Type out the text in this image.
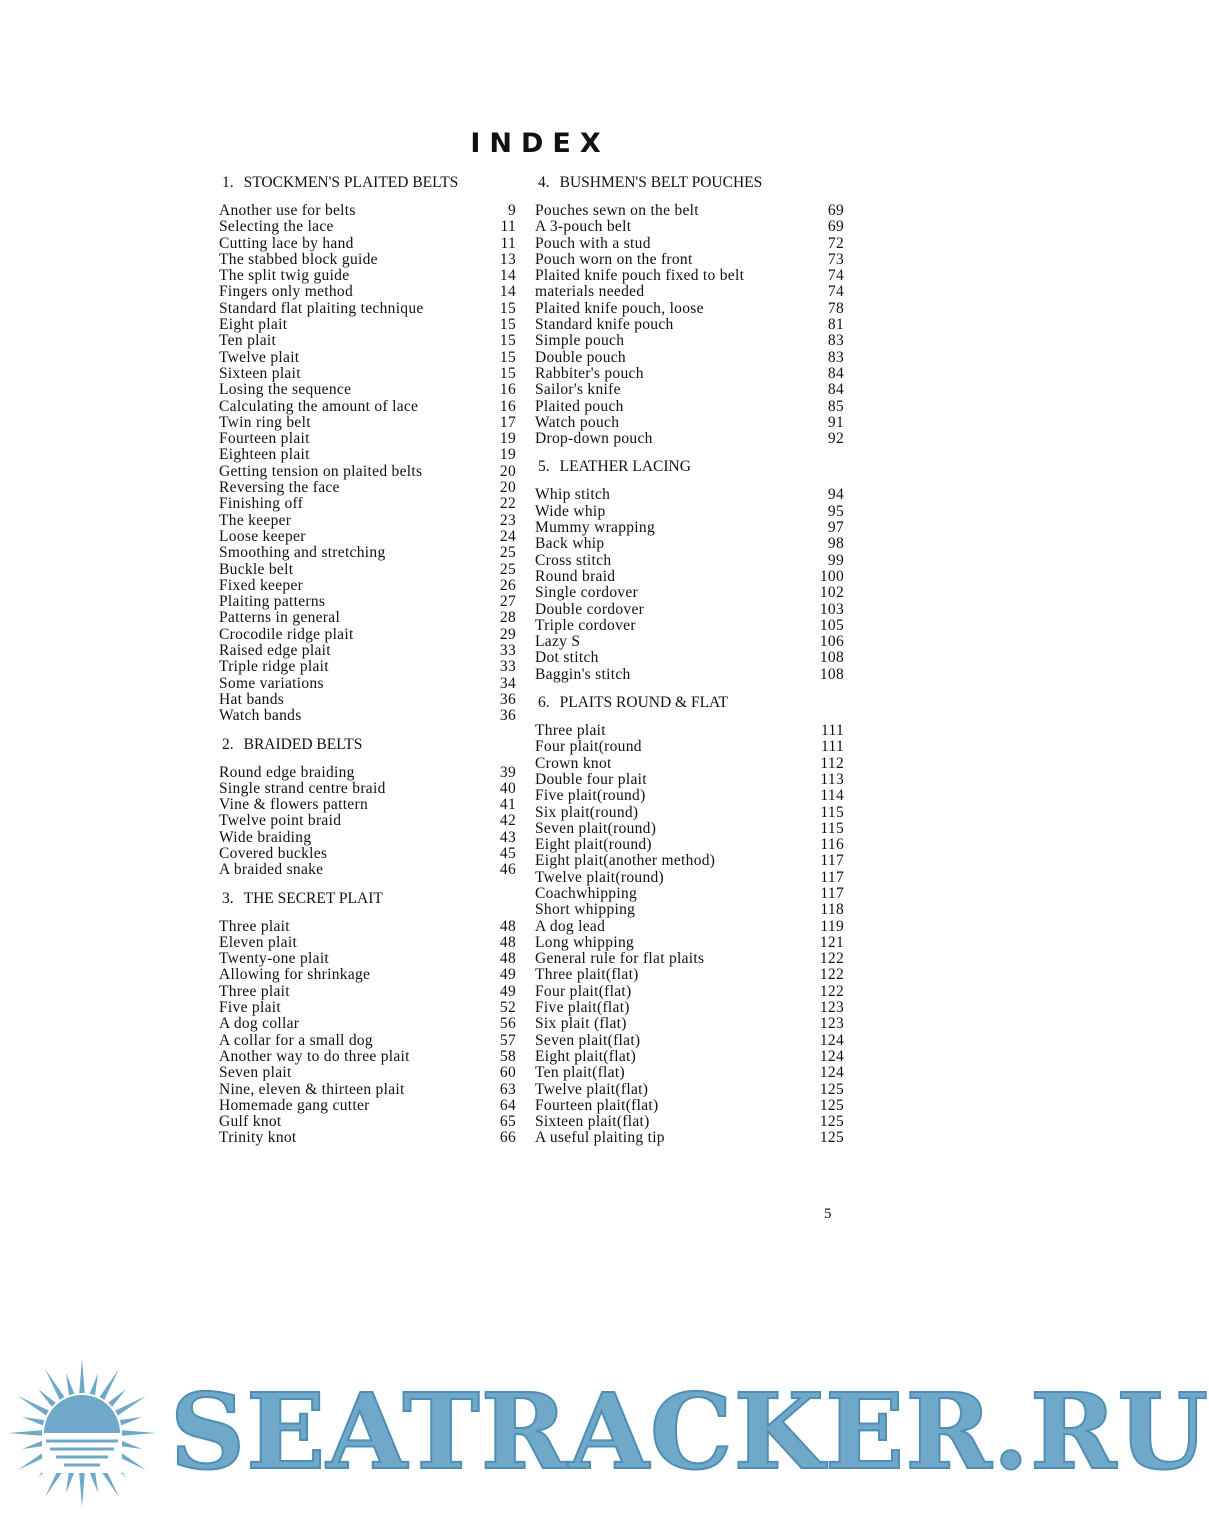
INDEX
1. STOCKMEN'S PLAITED BELTS
Another use for belts	9
Selecting the lace	11
Cutting lace by hand	11
The stabbed block guide	13
The split twig guide	14
Fingers only method	14
Standard flat plaiting technique	15
Eight plait	15
Ten plait	15
Twelve plait	15
Sixteen plait	15
Losing the sequence	16
Calculating the amount of lace	16
Twin ring belt	17
Fourteen plait	19
Eighteen plait	19
Getting tension on plaited belts	20
Reversing the face	20
Finishing off	22
The keeper	23
Loose keeper	24
Smoothing and stretching	25
Buckle belt	25
Fixed keeper	26
Plaiting patterns	27
Patterns in general	28
Crocodile ridge plait	29
Raised edge plait	33
Triple ridge plait	33
Some variations	34
Hat bands	36
Watch bands	36
2. BRAIDED BELTS
Round edge braiding	39
Single strand centre braid	40
Vine & flowers pattern	41
Twelve point braid	42
Wide braiding	43
Covered buckles	45
A braided snake	46
3. THE SECRET PLAIT
Three plait	48
Eleven plait	48
Twenty-one plait	48
Allowing for shrinkage	49
Three plait	49
Five plait	52
A dog collar	56
A collar for a small dog	57
Another way to do three plait	58
Seven plait	60
Nine, eleven & thirteen plait	63
Homemade gang cutter	64
Gulf knot	65
Trinity knot	66
4. BUSHMEN'S BELT POUCHES
Pouches sewn on the belt	69
A 3-pouch belt	69
Pouch with a stud	72
Pouch worn on the front	73
Plaited knife pouch fixed to belt	74
materials needed	74
Plaited knife pouch, loose	78
Standard knife pouch	81
Simple pouch	83
Double pouch	83
Rabbiter's pouch	84
Sailor's knife	84
Plaited pouch	85
Watch pouch	91
Drop-down pouch	92
5. LEATHER LACING
Whip stitch	94
Wide whip	95
Mummy wrapping	97
Back whip	98
Cross stitch	99
Round braid	100
Single cordover	102
Double cordover	103
Triple cordover	105
Lazy S	106
Dot stitch	108
Baggin's stitch	108
6. PLAITS ROUND & FLAT
Three plait	111
Four plait(round	111
Crown knot	112
Double four plait	113
Five plait(round)	114
Six plait(round)	115
Seven plait(round)	115
Eight plait(round)	116
Eight plait(another method)	117
Twelve plait(round)	117
Coachwhipping	117
Short whipping	118
A dog lead	119
Long whipping	121
General rule for flat plaits	122
Three plait(flat)	122
Four plait(flat)	122
Five plait(flat)	123
Six plait (flat)	123
Seven plait(flat)	124
Eight plait(flat)	124
Ten plait(flat)	124
Twelve plait(flat)	125
Fourteen plait(flat)	125
Sixteen plait(flat)	125
A useful plaiting tip	125
5
SEATRACKER.RU
